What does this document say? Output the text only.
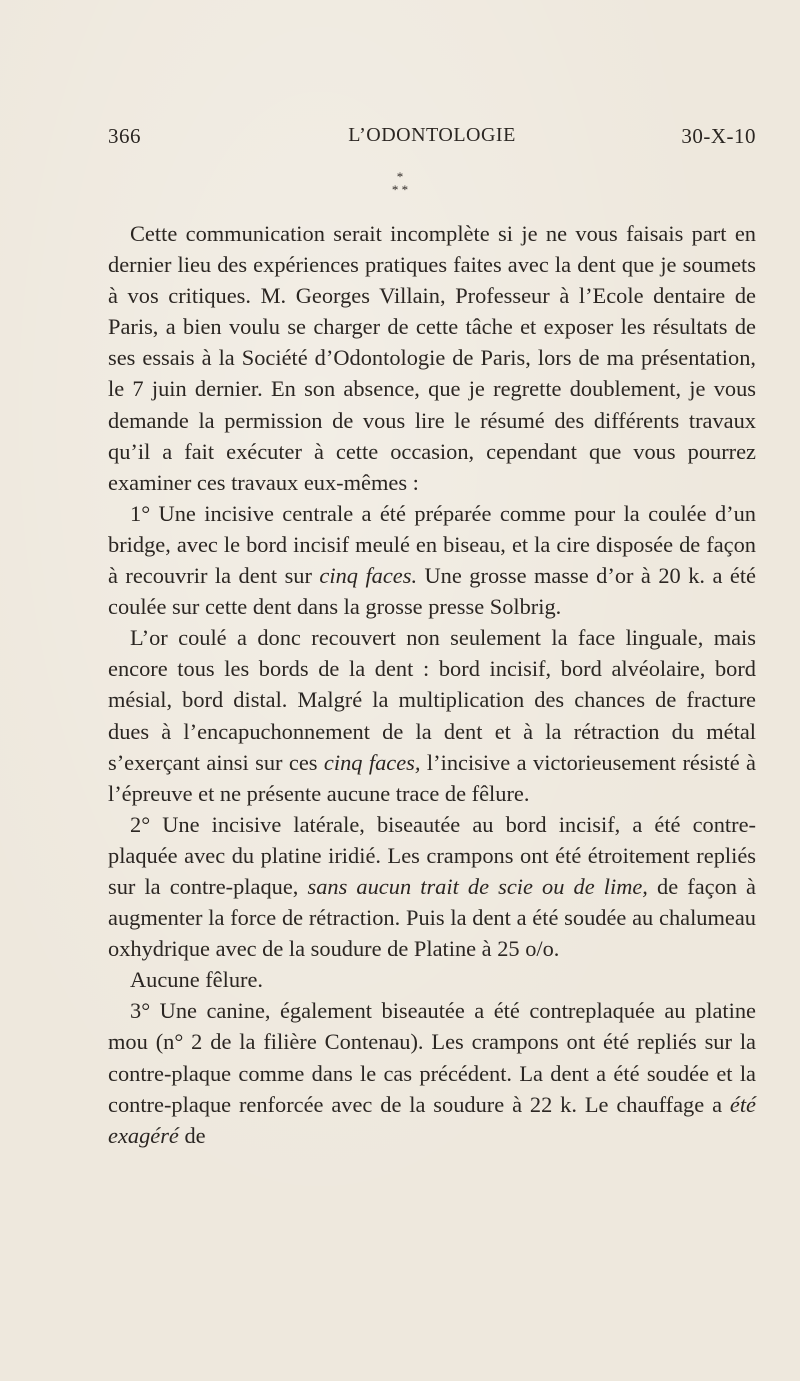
366	L’ODONTOLOGIE	30-X-10
*
* *

Cette communication serait incomplète si je ne vous faisais part en dernier lieu des expériences pratiques faites avec la dent que je soumets à vos critiques. M. Georges Villain, Professeur à l’Ecole dentaire de Paris, a bien voulu se charger de cette tâche et exposer les résultats de ses essais à la Société d’Odontologie de Paris, lors de ma présentation, le 7 juin dernier. En son absence, que je regrette doublement, je vous demande la permission de vous lire le résumé des différents travaux qu’il a fait exécuter à cette occasion, cependant que vous pourrez examiner ces travaux eux-mêmes :

1° Une incisive centrale a été préparée comme pour la coulée d’un bridge, avec le bord incisif meulé en biseau, et la cire disposée de façon à recouvrir la dent sur cinq faces. Une grosse masse d’or à 20 k. a été coulée sur cette dent dans la grosse presse Solbrig.

L’or coulé a donc recouvert non seulement la face linguale, mais encore tous les bords de la dent : bord incisif, bord alvéolaire, bord mésial, bord distal. Malgré la multiplication des chances de fracture dues à l’encapuchonnement de la dent et à la rétraction du métal s’exerçant ainsi sur ces cinq faces, l’incisive a victorieusement résisté à l’épreuve et ne présente aucune trace de fêlure.

2° Une incisive latérale, biseautée au bord incisif, a été contre-plaquée avec du platine iridié. Les crampons ont été étroitement repliés sur la contre-plaque, sans aucun trait de scie ou de lime, de façon à augmenter la force de rétraction. Puis la dent a été soudée au chalumeau oxhydrique avec de la soudure de Platine à 25 o/o.

Aucune fêlure.

3° Une canine, également biseautée a été contreplaquée au platine mou (n° 2 de la filière Contenau). Les crampons ont été repliés sur la contre-plaque comme dans le cas précédent. La dent a été soudée et la contre-plaque renforcée avec de la soudure à 22 k. Le chauffage a été exagéré de
